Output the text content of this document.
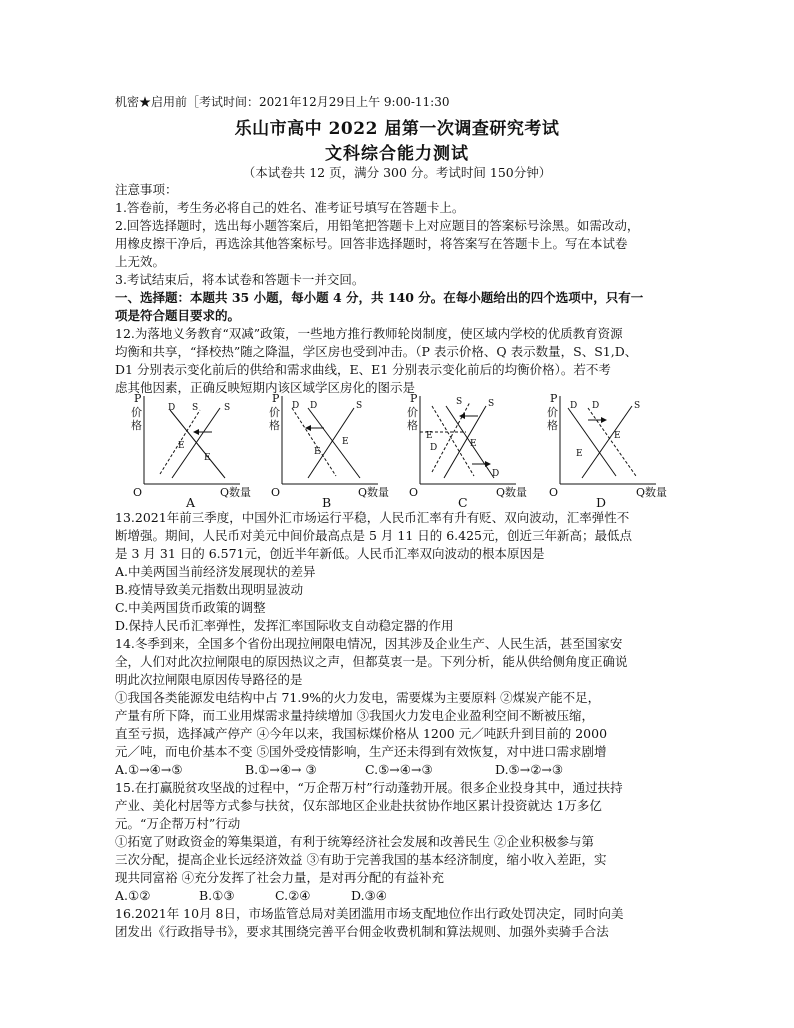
机密★启用前［考试时间：2021年12月29日上午 9:00-11:30
乐山市高中 2022 届第一次调查研究考试
文科综合能力测试
（本试卷共 12 页，满分 300 分。考试时间 150分钟）
注意事项：
1.答卷前，考生务必将自己的姓名、准考证号填写在答题卡上。
2.回答选择题时，选出每小题答案后，用铅笔把答题卡上对应题目的答案标号涂黑。如需改动，
用橡皮擦干净后，再选涂其他答案标号。回答非选择题时，将答案写在答题卡上。写在本试卷
上无效。
3.考试结束后，将本试卷和答题卡一并交回。
一、选择题：本题共 35 小题，每小题 4 分，共 140 分。在每小题给出的四个选项中，只有一
项是符合题目要求的。
12.为落地义务教育“双减”政策，一些地方推行教师轮岗制度，使区域内学校的优质教育资源
均衡和共享，“择校热”随之降温，学区房也受到冲击。（P 表示价格、Q 表示数量，S、S1,D、
D1 分别表示变化前后的供给和需求曲线，E、E1 分别表示变化前后的均衡价格）。若不考
虑其他因素，正确反映短期内该区域学区房化的图示是
P
价
格
O	Q数量
S	S
D
E
E
A
P
价
格
O	Q数量
D D	S
E
E
B
P
价
格
O	Q数量
S	S
E
E
D
D
C
P
价
格
O	Q数量
D D	S
E
E
D
13.2021年前三季度，中国外汇市场运行平稳，人民币汇率有升有贬、双向波动，汇率弹性不
断增强。期间，人民币对美元中间价最高点是 5 月 11 日的 6.425元，创近三年新高；最低点
是 3 月 31 日的 6.571元，创近半年新低。人民币汇率双向波动的根本原因是
A.中美两国当前经济发展现状的差异
B.疫情导致美元指数出现明显波动
C.中美两国货币政策的调整
D.保持人民币汇率弹性，发挥汇率国际收支自动稳定器的作用
14.冬季到来，全国多个省份出现拉闸限电情况，因其涉及企业生产、人民生活，甚至国家安
全，人们对此次拉闸限电的原因热议之声，但都莫衷一是。下列分析，能从供给侧角度正确说
明此次拉闸限电原因传导路径的是
①我国各类能源发电结构中占 71.9%的火力发电，需要煤为主要原料 ②煤炭产能不足，
产量有所下降，而工业用煤需求量持续增加 ③我国火力发电企业盈利空间不断被压缩，
直至亏损，选择减产停产 ④今年以来，我国标煤价格从 1200 元／吨跃升到目前的 2000
元／吨，而电价基本不变 ⑤国外受疫情影响，生产还未得到有效恢复，对中进口需求剧增
A.①→④→⑤	B.①→④→ ③	C.⑤→④→③	D.⑤→②→③
15.在打赢脱贫攻坚战的过程中，“万企帮万村”行动蓬勃开展。很多企业投身其中，通过扶持
产业、美化村居等方式参与扶贫，仅东部地区企业赴扶贫协作地区累计投资就达 1万多亿
元。“万企帮万村”行动
①拓宽了财政资金的筹集渠道，有利于统筹经济社会发展和改善民生 ②企业积极参与第
三次分配，提高企业长远经济效益 ③有助于完善我国的基本经济制度，缩小收入差距，实
现共同富裕 ④充分发挥了社会力量，是对再分配的有益补充
A.①②	B.①③	C.②④	D.③④
16.2021年 10月 8日，市场监管总局对美团滥用市场支配地位作出行政处罚决定，同时向美
团发出《行政指导书》，要求其围绕完善平台佣金收费机制和算法规则、加强外卖骑手合法
